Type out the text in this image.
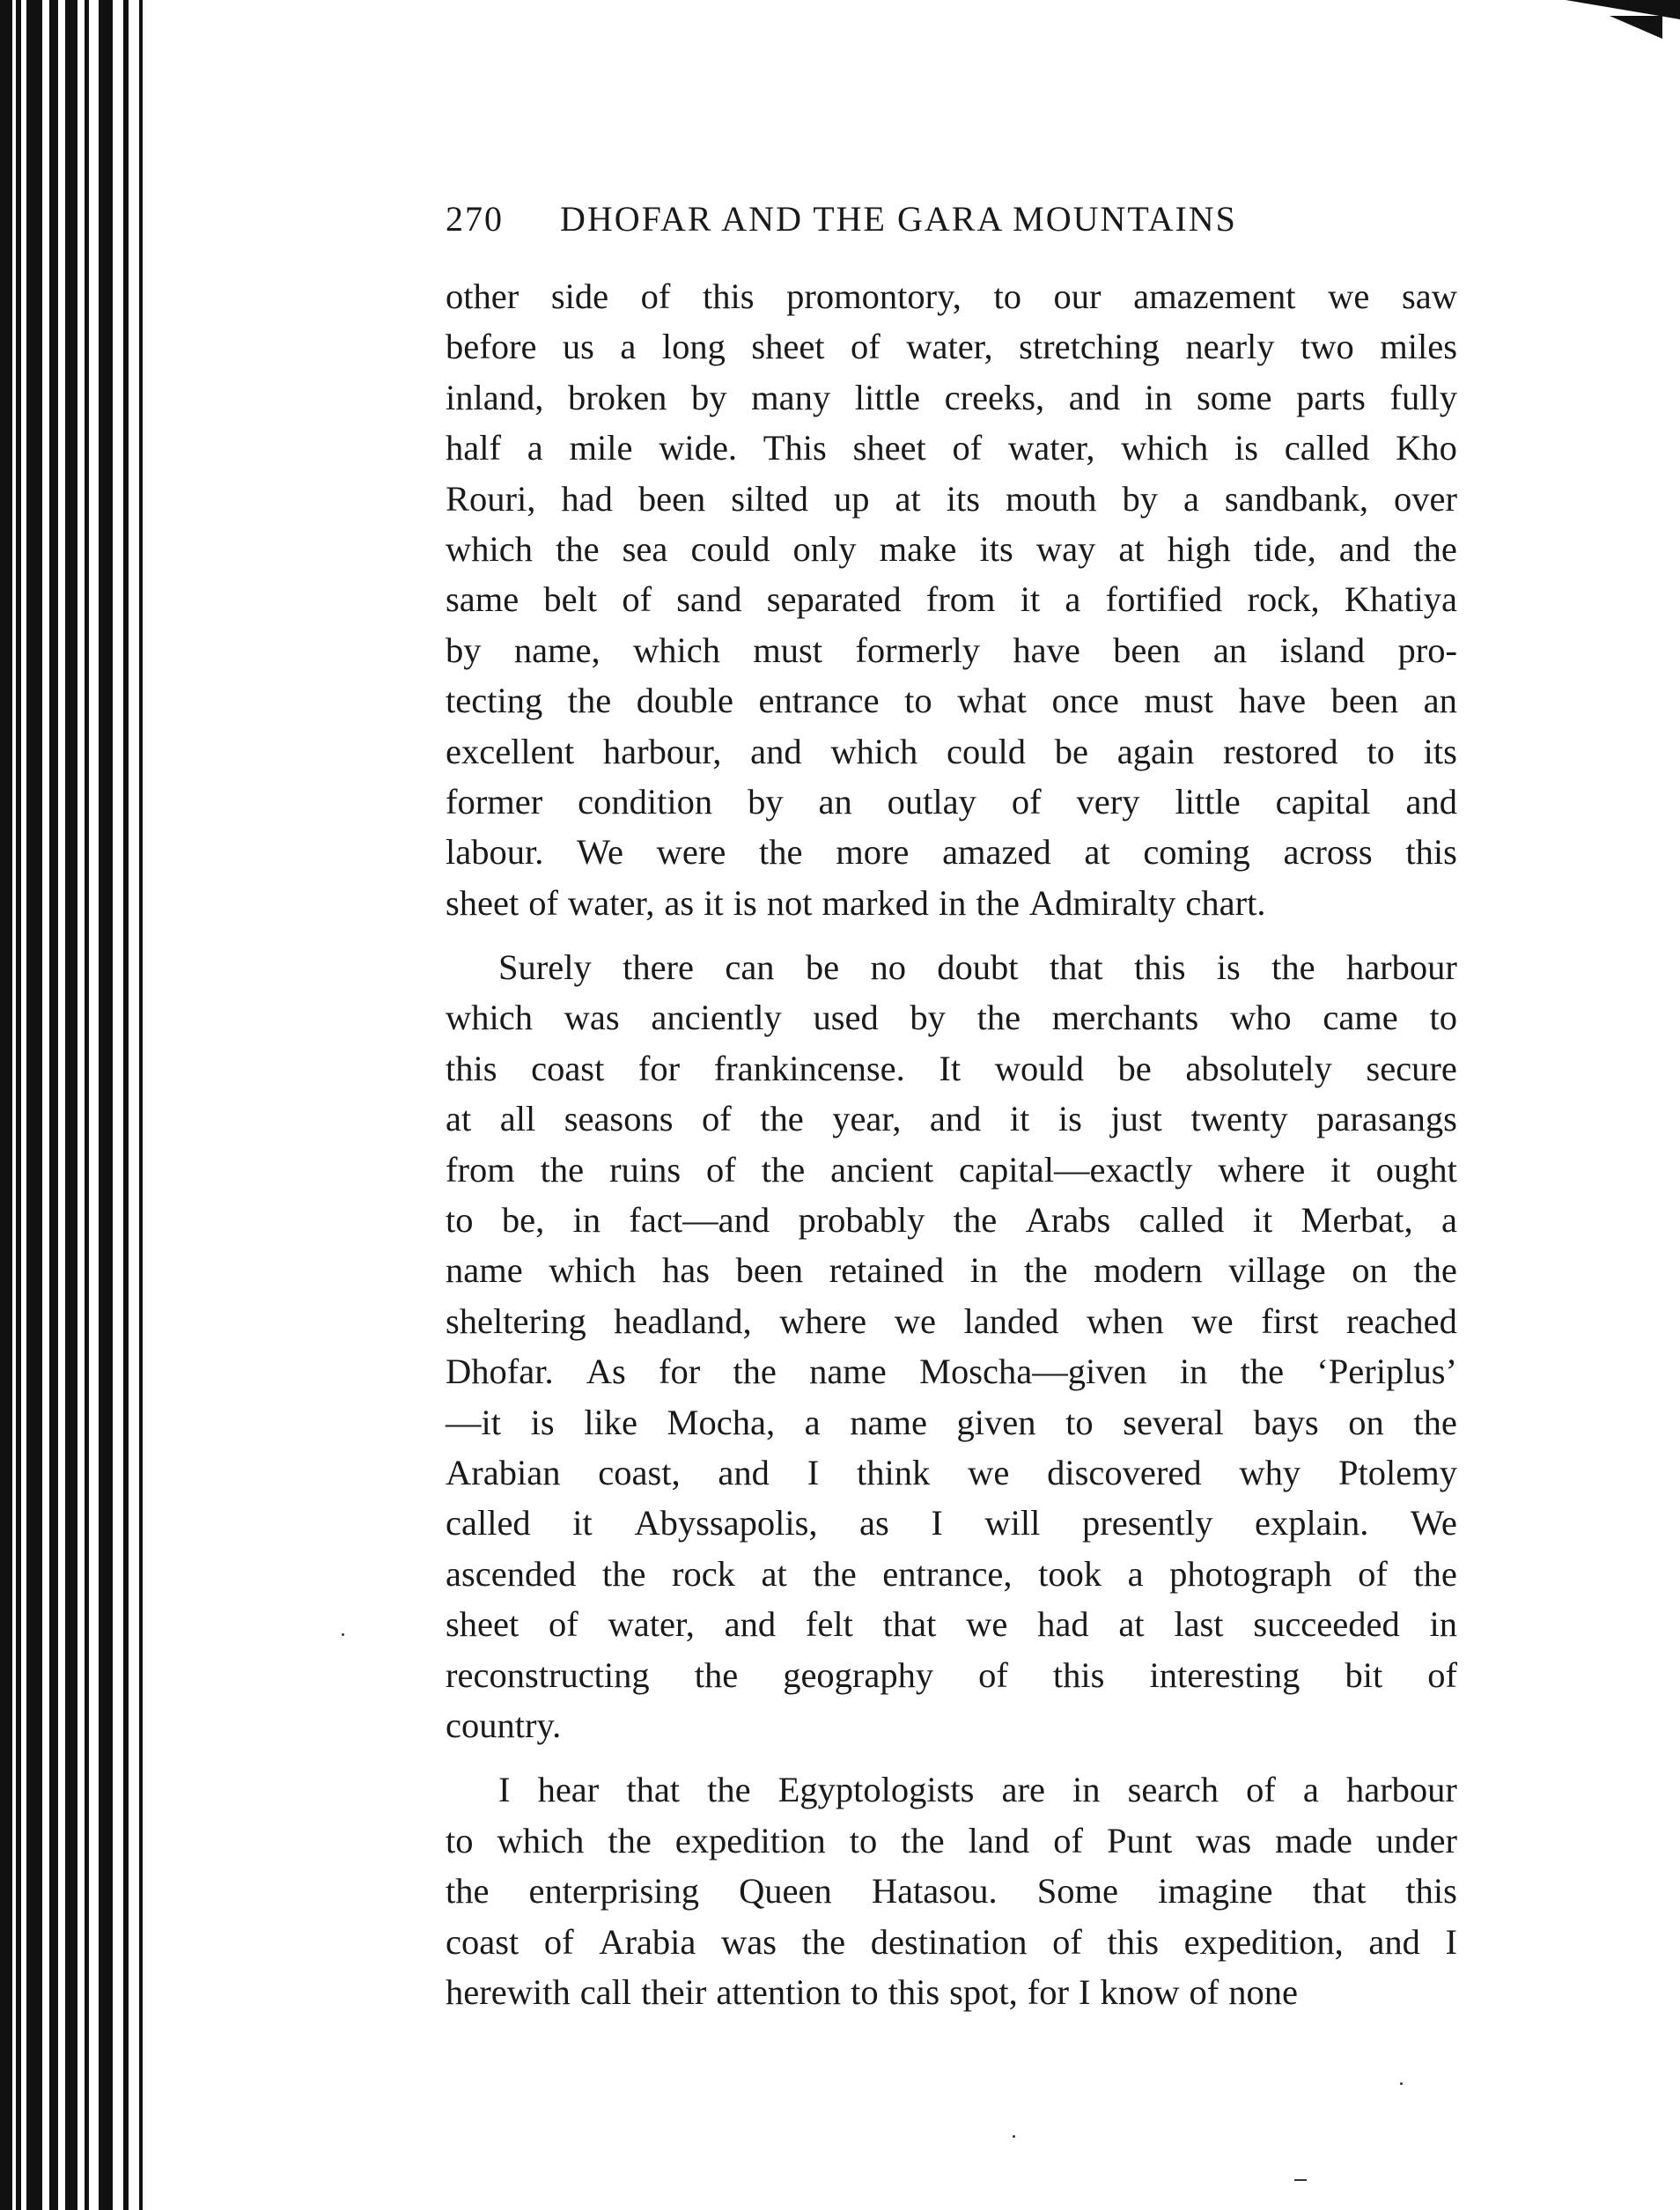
270 DHOFAR AND THE GARA MOUNTAINS
other side of this promontory, to our amazement we saw
before us a long sheet of water, stretching nearly two miles
inland, broken by many little creeks, and in some parts fully
half a mile wide. This sheet of water, which is called Kho
Rouri, had been silted up at its mouth by a sandbank, over
which the sea could only make its way at high tide, and the
same belt of sand separated from it a fortified rock, Khatiya
by name, which must formerly have been an island pro-
tecting the double entrance to what once must have been an
excellent harbour, and which could be again restored to its
former condition by an outlay of very little capital and
labour. We were the more amazed at coming across this
sheet of water, as it is not marked in the Admiralty chart.
Surely there can be no doubt that this is the harbour
which was anciently used by the merchants who came to
this coast for frankincense. It would be absolutely secure
at all seasons of the year, and it is just twenty parasangs
from the ruins of the ancient capital—exactly where it ought
to be, in fact—and probably the Arabs called it Merbat, a
name which has been retained in the modern village on the
sheltering headland, where we landed when we first reached
Dhofar. As for the name Moscha—given in the ‘Periplus’
—it is like Mocha, a name given to several bays on the
Arabian coast, and I think we discovered why Ptolemy
called it Abyssapolis, as I will presently explain. We
ascended the rock at the entrance, took a photograph of the
sheet of water, and felt that we had at last succeeded in
reconstructing the geography of this interesting bit of
country.
I hear that the Egyptologists are in search of a harbour
to which the expedition to the land of Punt was made under
the enterprising Queen Hatasou. Some imagine that this
coast of Arabia was the destination of this expedition, and I
herewith call their attention to this spot, for I know of none
